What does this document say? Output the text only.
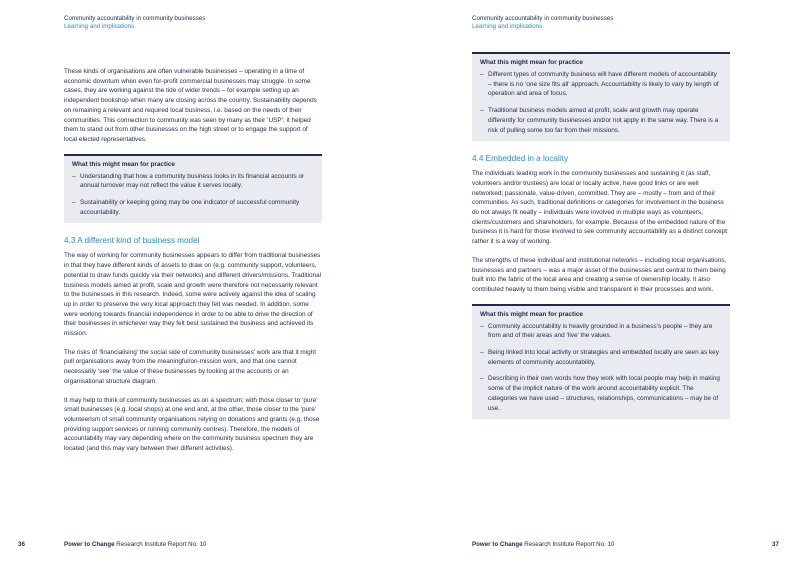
Community accountability in community businesses
Learning and implications

These kinds of organisations are often vulnerable businesses – operating in a time of economic downturn when even for-profit commercial businesses may struggle. In some cases, they are working against the tide of wider trends – for example setting up an independent bookshop when many are closing across the country. Sustainability depends on remaining a relevant and required local business, i.e. based on the needs of their communities. This connection to community was seen by many as their ‘USP’; it helped them to stand out from other businesses on the high street or to engage the support of local elected representatives.

What this might mean for practice
– Understanding that how a community business looks in its financial accounts or annual turnover may not reflect the value it serves locally.
– Sustainability or keeping going may be one indicator of successful community accountability.
4.3 A different kind of business model

The way of working for community businesses appears to differ from traditional businesses in that they have different kinds of assets to draw on (e.g. community support, volunteers, potential to draw funds quickly via their networks) and different drivers/missions. Traditional business models aimed at profit, scale and growth were therefore not necessarily relevant to the businesses in this research. Indeed, some were actively against the idea of scaling up in order to preserve the very local approach they felt was needed. In addition, some were working towards financial independence in order to be able to drive the direction of their businesses in whichever way they felt best sustained the business and achieved its mission.

The risks of ‘financialising’ the social side of community businesses’ work are that it might pull organisations away from the meaningful/on-mission work, and that one cannot necessarily ‘see’ the value of these businesses by looking at the accounts or an organisational structure diagram.

It may help to think of community businesses as on a spectrum; with those closer to ‘pure’ small businesses (e.g. local shops) at one end and, at the other, those closer to the ‘pure’ volunteerism of small community organisations relying on donations and grants (e.g. those providing support services or running community centres). Therefore, the models of accountability may vary depending where on the community business spectrum they are located (and this may vary between their different activities).

36	Power to Change Research Institute Report No. 10
Community accountability in community businesses
Learning and implications
What this might mean for practice
– Different types of community business will have different models of accountability – there is no ‘one size fits all’ approach. Accountability is likely to vary by length of operation and area of focus.
– Traditional business models aimed at profit, scale and growth may operate differently for community businesses and/or not apply in the same way. There is a risk of pulling some too far from their missions.
4.4 Embedded in a locality

The individuals leading work in the community businesses and sustaining it (as staff, volunteers and/or trustees) are local or locally active, have good links or are well networked; passionate, value-driven, committed. They are – mostly – from and of their communities. As such, traditional definitions or categories for involvement in the business do not always fit neatly – individuals were involved in multiple ways as volunteers, clients/customers and shareholders, for example. Because of the embedded nature of the business it is hard for those involved to see community accountability as a distinct concept: rather it is a way of working.

The strengths of these individual and institutional networks – including local organisations, businesses and partners – was a major asset of the businesses and central to them being built into the fabric of the local area and creating a sense of ownership locally. It also contributed heavily to them being visible and transparent in their processes and work.

What this might mean for practice
– Community accountability is heavily grounded in a business’s people – they are from and of their areas and ‘live’ the values.
– Being linked into local activity or strategies and embedded locally are seen as key elements of community accountability.
– Describing in their own words how they work with local people may help in making some of the implicit nature of the work around accountability explicit. The categories we have used – structures, relationships, communications – may be of use.
Power to Change Research Institute Report No. 10	37
